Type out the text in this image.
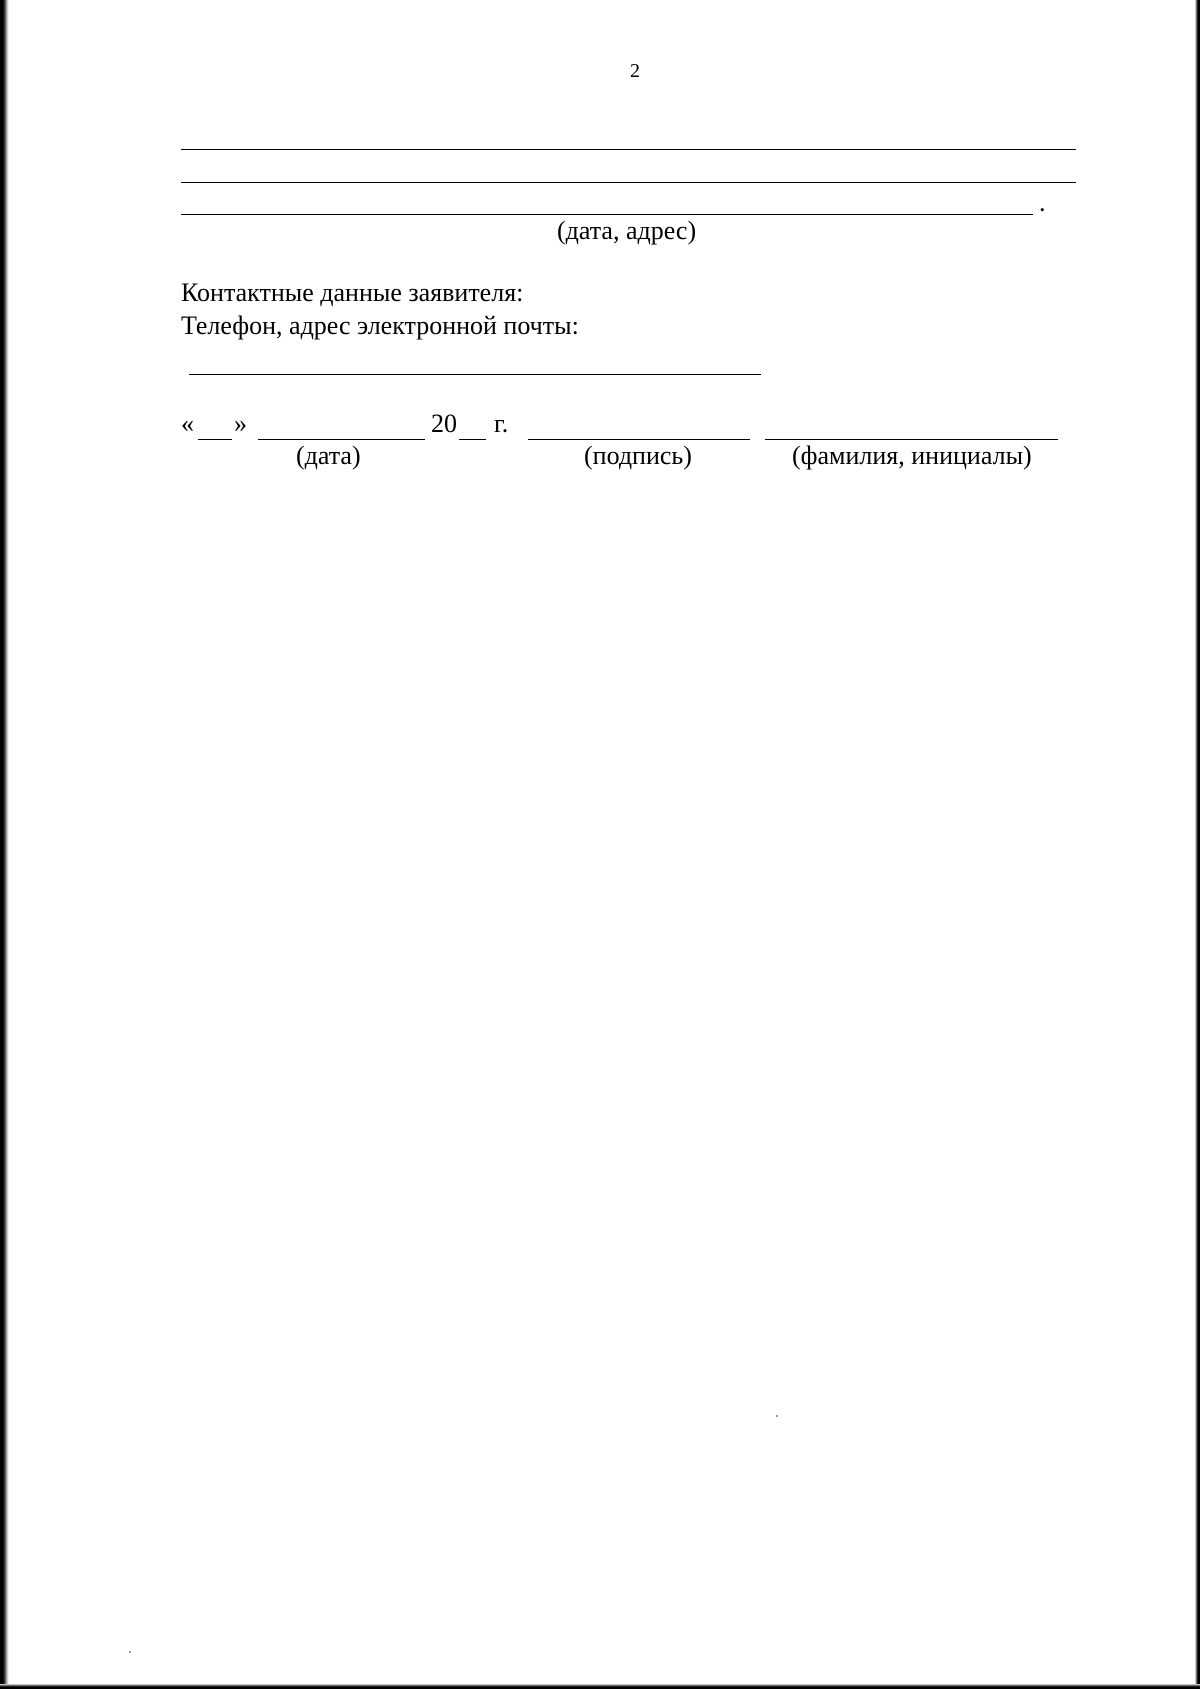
2
.
(дата, адрес)
Контактные данные заявителя:
Телефон, адрес электронной почты:
« »	20 г.
(дата)	(подпись)	(фамилия, инициалы)
